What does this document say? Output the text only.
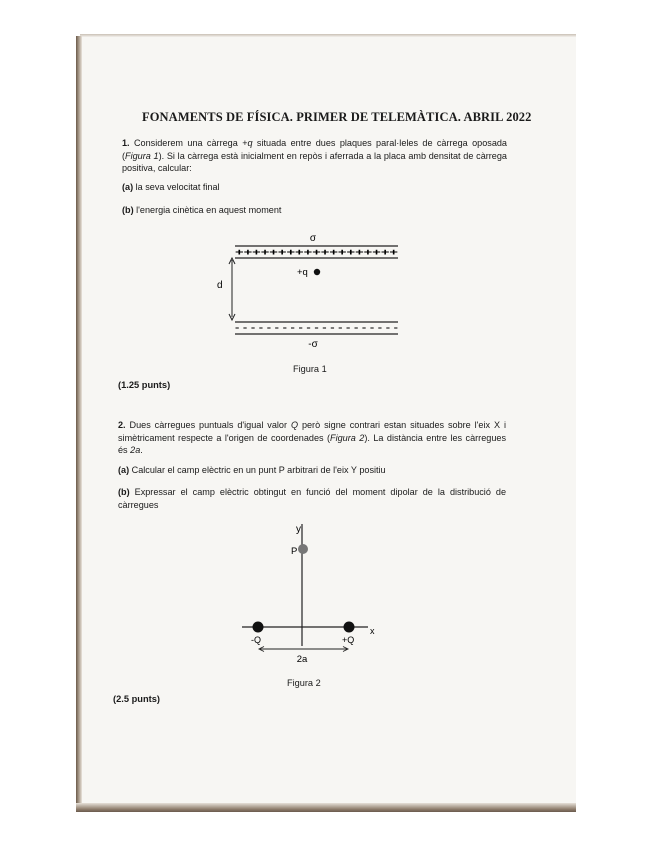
FONAMENTS DE FÍSICA. PRIMER DE TELEMÀTICA. ABRIL 2022
1. Considerem una càrrega +q situada entre dues plaques paral·leles de càrrega oposada (Figura 1). Si la càrrega està inicialment en repòs i aferrada a la placa amb densitat de càrrega positiva, calcular:
(a) la seva velocitat final
(b) l'energia cinètica en aquest moment
σ
+++++++++++++++++++
d
+q
- - - - - - - - - - - - - - - - - - - - -
-σ
Figura 1
(1.25 punts)
2. Dues càrregues puntuals d'igual valor Q però signe contrari estan situades sobre l'eix X i simètricament respecte a l'origen de coordenades (Figura 2). La distància entre les càrregues és 2a.
(a) Calcular el camp elèctric en un punt P arbitrari de l'eix Y positiu
(b) Expressar el camp elèctric obtingut en funció del moment dipolar de la distribució de càrregues
y
P
x
-Q	+Q
2a
Figura 2
(2.5 punts)
